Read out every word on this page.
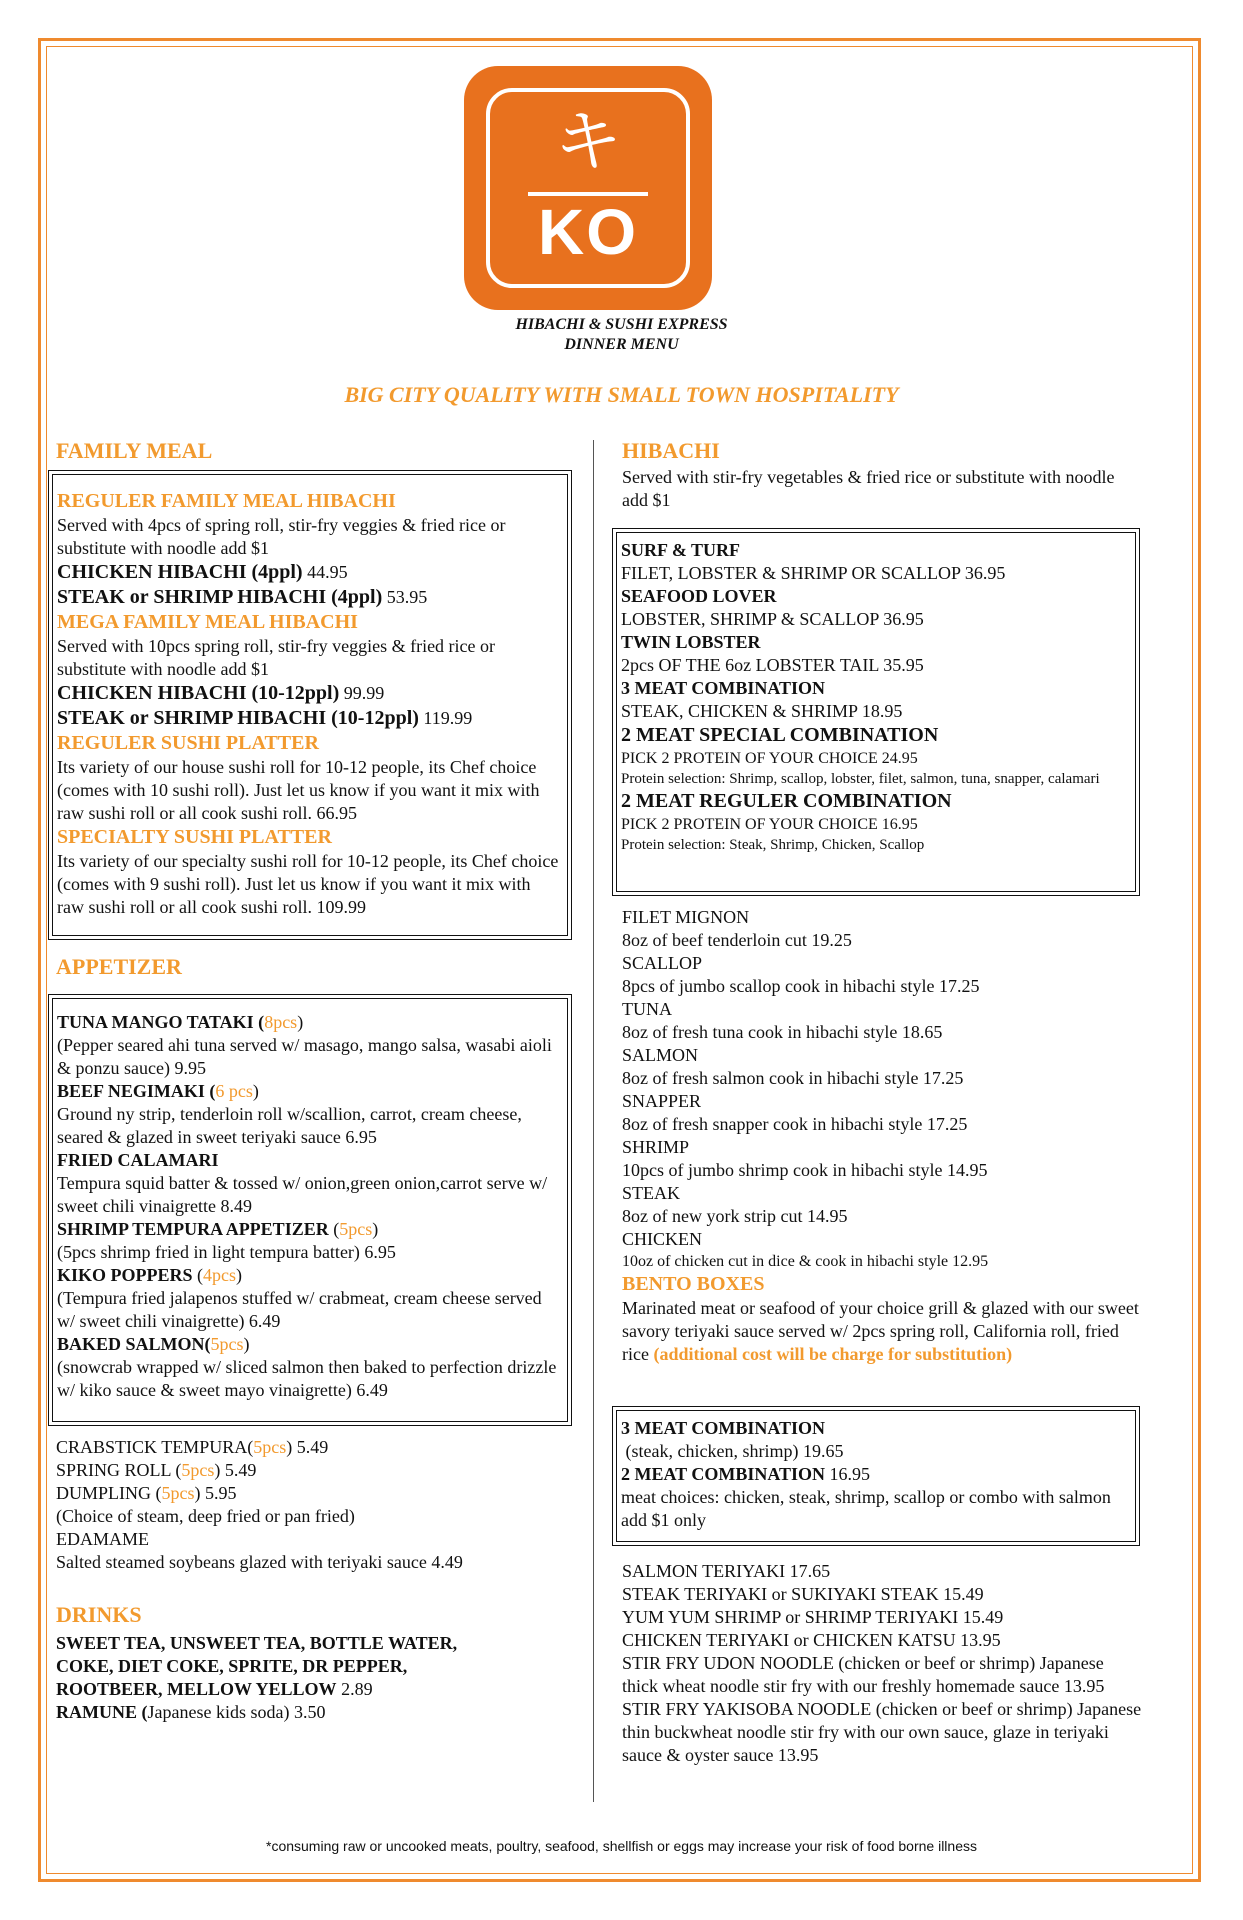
キ
KO
HIBACHI & SUSHI EXPRESS
DINNER MENU
BIG CITY QUALITY WITH SMALL TOWN HOSPITALITY
FAMILY MEAL
REGULER FAMILY MEAL HIBACHI
Served with 4pcs of spring roll, stir-fry veggies & fried rice or substitute with noodle add $1
CHICKEN HIBACHI (4ppl) 44.95
STEAK or SHRIMP HIBACHI (4ppl) 53.95
MEGA FAMILY MEAL HIBACHI
Served with 10pcs spring roll, stir-fry veggies & fried rice or substitute with noodle add $1
CHICKEN HIBACHI (10-12ppl) 99.99
STEAK or SHRIMP HIBACHI (10-12ppl) 119.99
REGULER SUSHI PLATTER
Its variety of our house sushi roll for 10-12 people, its Chef choice (comes with 10 sushi roll). Just let us know if you want it mix with raw sushi roll or all cook sushi roll. 66.95
SPECIALTY SUSHI PLATTER
Its variety of our specialty sushi roll for 10-12 people, its Chef choice (comes with 9 sushi roll). Just let us know if you want it mix with raw sushi roll or all cook sushi roll. 109.99
APPETIZER
TUNA MANGO TATAKI (8pcs)
(Pepper seared ahi tuna served w/ masago, mango salsa, wasabi aioli & ponzu sauce) 9.95
BEEF NEGIMAKI (6 pcs)
Ground ny strip, tenderloin roll w/scallion, carrot, cream cheese, seared & glazed in sweet teriyaki sauce 6.95
FRIED CALAMARI
Tempura squid batter & tossed w/ onion,green onion,carrot serve w/ sweet chili vinaigrette 8.49
SHRIMP TEMPURA APPETIZER (5pcs)
(5pcs shrimp fried in light tempura batter) 6.95
KIKO POPPERS (4pcs)
(Tempura fried jalapenos stuffed w/ crabmeat, cream cheese served w/ sweet chili vinaigrette) 6.49
BAKED SALMON(5pcs)
(snowcrab wrapped w/ sliced salmon then baked to perfection drizzle w/ kiko sauce & sweet mayo vinaigrette) 6.49
CRABSTICK TEMPURA(5pcs) 5.49
SPRING ROLL (5pcs) 5.49
DUMPLING (5pcs) 5.95
(Choice of steam, deep fried or pan fried)
EDAMAME
Salted steamed soybeans glazed with teriyaki sauce 4.49
DRINKS
SWEET TEA, UNSWEET TEA, BOTTLE WATER,
COKE, DIET COKE, SPRITE, DR PEPPER,
ROOTBEER, MELLOW YELLOW 2.89
RAMUNE (Japanese kids soda) 3.50
HIBACHI
Served with stir-fry vegetables & fried rice or substitute with noodle add $1
SURF & TURF
FILET, LOBSTER & SHRIMP OR SCALLOP 36.95
SEAFOOD LOVER
LOBSTER, SHRIMP & SCALLOP 36.95
TWIN LOBSTER
2pcs OF THE 6oz LOBSTER TAIL 35.95
3 MEAT COMBINATION
STEAK, CHICKEN & SHRIMP 18.95
2 MEAT SPECIAL COMBINATION
PICK 2 PROTEIN OF YOUR CHOICE 24.95
Protein selection: Shrimp, scallop, lobster, filet, salmon, tuna, snapper, calamari
2 MEAT REGULER COMBINATION
PICK 2 PROTEIN OF YOUR CHOICE 16.95
Protein selection: Steak, Shrimp, Chicken, Scallop
FILET MIGNON
8oz of beef tenderloin cut 19.25
SCALLOP
8pcs of jumbo scallop cook in hibachi style 17.25
TUNA
8oz of fresh tuna cook in hibachi style 18.65
SALMON
8oz of fresh salmon cook in hibachi style 17.25
SNAPPER
8oz of fresh snapper cook in hibachi style 17.25
SHRIMP
10pcs of jumbo shrimp cook in hibachi style 14.95
STEAK
8oz of new york strip cut 14.95
CHICKEN
10oz of chicken cut in dice & cook in hibachi style 12.95
BENTO BOXES
Marinated meat or seafood of your choice grill & glazed with our sweet savory teriyaki sauce served w/ 2pcs spring roll, California roll, fried rice (additional cost will be charge for substitution)
3 MEAT COMBINATION
(steak, chicken, shrimp) 19.65
2 MEAT COMBINATION 16.95
meat choices: chicken, steak, shrimp, scallop or combo with salmon add $1 only
SALMON TERIYAKI 17.65
STEAK TERIYAKI or SUKIYAKI STEAK 15.49
YUM YUM SHRIMP or SHRIMP TERIYAKI 15.49
CHICKEN TERIYAKI or CHICKEN KATSU 13.95
STIR FRY UDON NOODLE (chicken or beef or shrimp) Japanese thick wheat noodle stir fry with our freshly homemade sauce 13.95
STIR FRY YAKISOBA NOODLE (chicken or beef or shrimp) Japanese thin buckwheat noodle stir fry with our own sauce, glaze in teriyaki sauce & oyster sauce 13.95
*consuming raw or uncooked meats, poultry, seafood, shellfish or eggs may increase your risk of food borne illness
